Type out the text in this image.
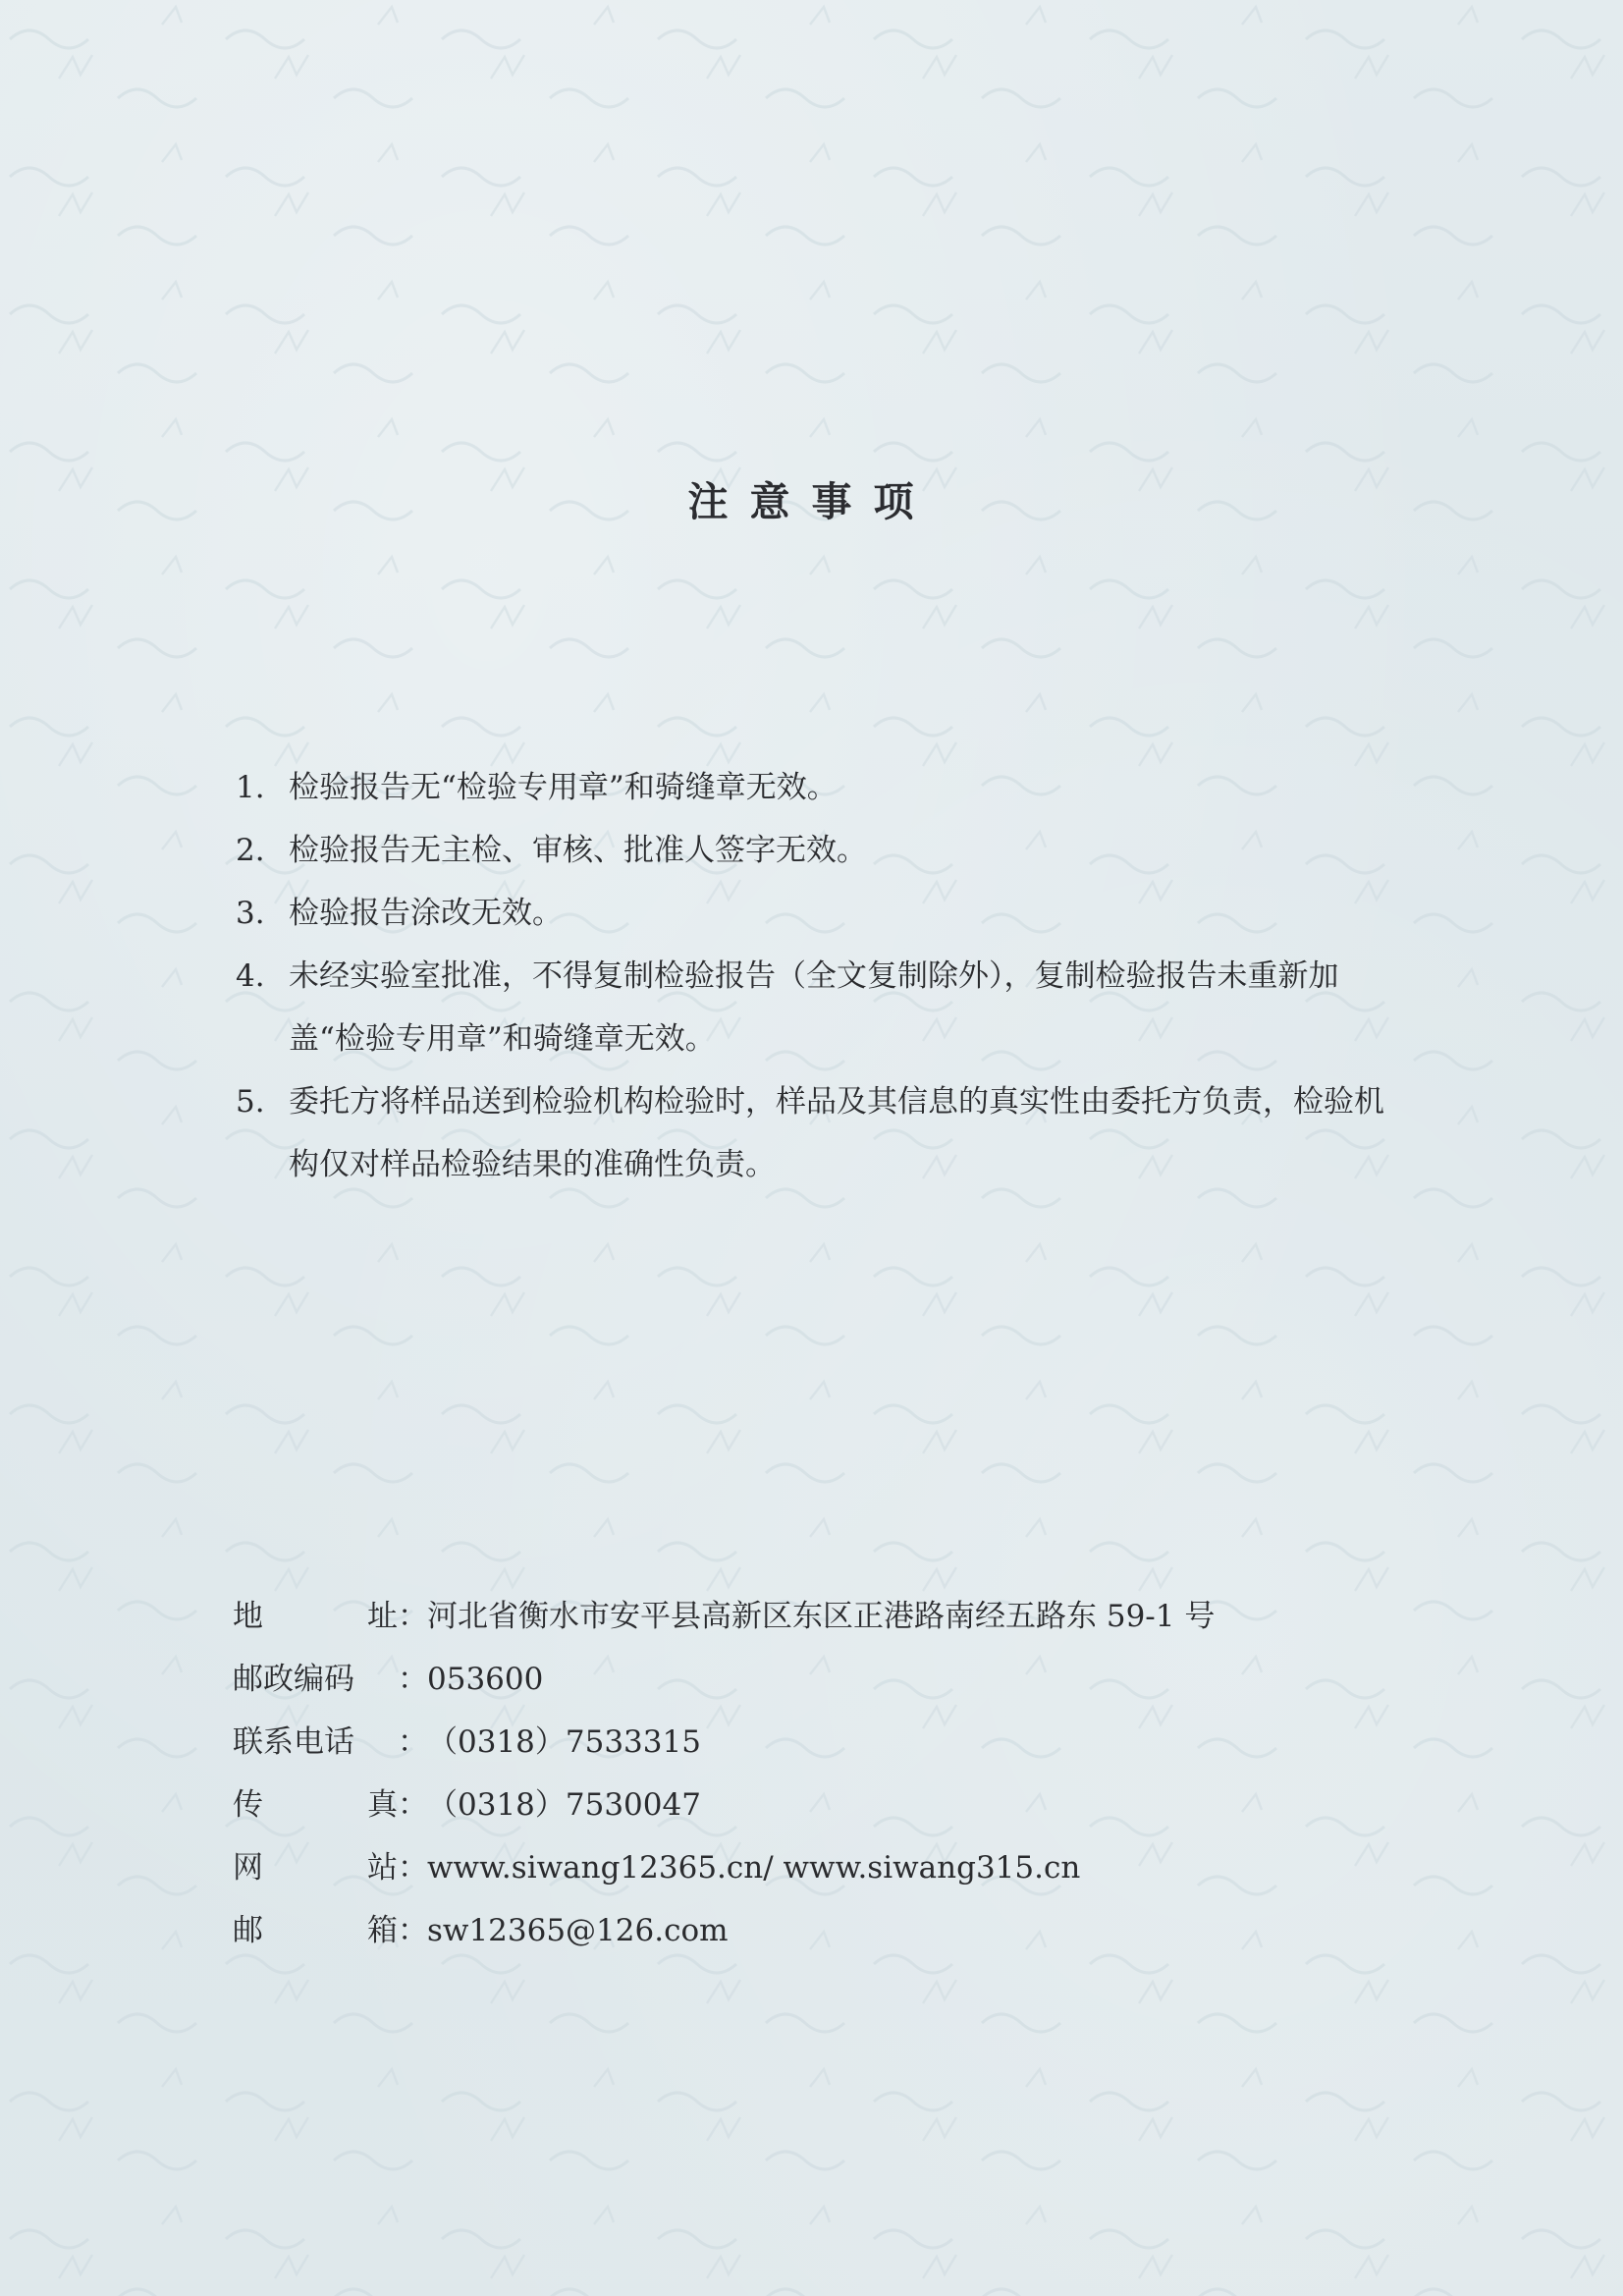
注意事项
1. 检验报告无“检验专用章”和骑缝章无效。
2. 检验报告无主检、审核、批准人签字无效。
3. 检验报告涂改无效。
4. 未经实验室批准，不得复制检验报告（全文复制除外），复制检验报告未重新加盖“检验专用章”和骑缝章无效。
5. 委托方将样品送到检验机构检验时，样品及其信息的真实性由委托方负责，检验机构仅对样品检验结果的准确性负责。
地	址 ： 河北省衡水市安平县高新区东区正港路南经五路东 59-1 号
邮政编码	： 053600
联系电话	： （0318）7533315
传	真 ： （0318）7530047
网	站 ： www.siwang12365.cn/ www.siwang315.cn
邮	箱 ： sw12365@126.com
